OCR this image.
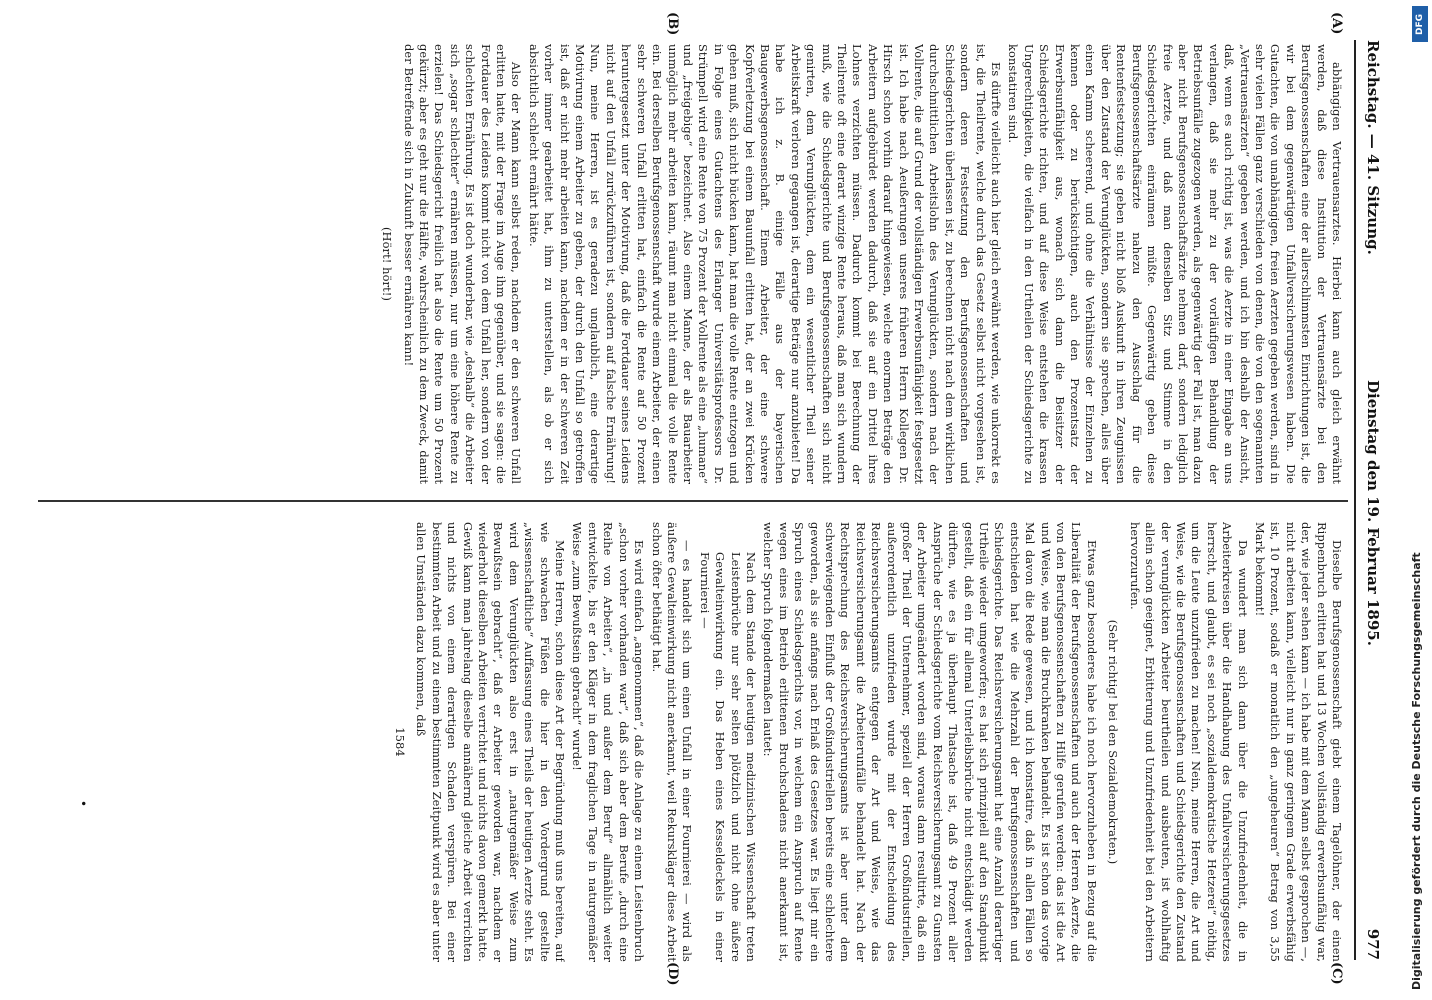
Reichstag. — 41. Sitzung.
Dienstag den 19. Februar 1895.
977
(A)
(B)
(C)
(D)

abhängigen Vertrauensarztes. Hierbei kann auch gleich erwähnt werden, daß diese Institution der Vertrauensärzte bei den Berufsgenossenschaften eine der allerschlimmsten Einrichtungen ist, die wir bei dem gegenwärtigen Unfallversicherungswesen haben. Die Gutachten, die von unabhängigen, freien Aerzten gegeben werden, sind in sehr vielen Fällen ganz verschieden von denen, die von den sogenannten „Vertrauensärzten“ gegeben werden, und ich bin deshalb der Ansicht, daß, wenn es auch richtig ist, was die Aerzte in einer Eingabe an uns verlangen, daß sie mehr zu der vorläufigen Behandlung der Betriebsunfälle zugezogen werden, als gegenwärtig der Fall ist, man dazu aber nicht Berufsgenossenschaftsärzte nehmen darf, sondern lediglich freie Aerzte, und daß man denselben Sitz und Stimme in den Schiedsgerichten einräumen müßte. Gegenwärtig geben diese Berufsgenossenschaftsärzte nahezu den Ausschlag für die Rentenfestsetzung; sie geben nicht bloß Auskunft in ihren Zeugnissen über den Zustand der Verunglückten, sondern sie sprechen, alles über einen Kamm scheerend, und ohne die Verhältnisse der Einzelnen zu kennen oder zu berücksichtigen, auch den Prozentsatz der Erwerbsunfähigkeit aus, wonach sich dann die Beisitzer der Schiedsgerichte richten, und auf diese Weise entstehen die krassen Ungerechtigkeiten, die vielfach in den Urtheilen der Schiedsgerichte zu konstatiren sind.

Es dürfte vielleicht auch hier gleich erwähnt werden, wie unkorrekt es ist, die Theilrente, welche durch das Gesetz selbst nicht vorgesehen ist, sondern deren Festsetzung den Berufsgenossenschaften und Schiedsgerichten überlassen ist, zu berechnen nicht nach dem wirklichen durchschnittlichen Arbeitslohn des Verunglückten, sondern nach der Vollrente, die auf Grund der vollständigen Erwerbsunfähigkeit festgesetzt ist. Ich habe nach Aeußerungen unseres früheren Herrn Kollegen Dr. Hirsch schon vorhin darauf hingewiesen, welche enormen Beträge den Arbeitern aufgebürdet werden dadurch, daß sie auf ein Drittel ihres Lohnes verzichten müssen. Dadurch kommt bei Berechnung der Theilrente oft eine derart winzige Rente heraus, daß man sich wundern muß, wie die Schiedsgerichte und Berufsgenossenschaften sich nicht genirten, dem Verunglückten, dem ein wesentlicher Theil seiner Arbeitskraft verloren gegangen ist, derartige Beträge nur anzubieten! Da habe ich z. B. einige Fälle aus der bayerischen Baugewerbsgenossenschaft. Einem Arbeiter, der eine schwere Kopfverletzung bei einem Bauunfall erlitten hat, der an zwei Krücken gehen muß, sich nicht bücken kann, hat man die volle Rente entzogen und in Folge eines Gutachtens des Erlanger Universitätsprofessors Dr. Strümpell wird eine Rente von 75 Prozent der Vollrente als eine „humane“ und „freigebige“ bezeichnet. Also einem Manne, der als Bauarbeiter unmöglich mehr arbeiten kann, räumt man nicht einmal die volle Rente ein. Bei derselben Berufsgenossenschaft wurde einem Arbeiter, der einen sehr schweren Unfall erlitten hat, einfach die Rente auf 50 Prozent heruntergesetzt unter der Motivirung, daß die Fortdauer seines Leidens nicht auf den Unfall zurückzuführen ist, sondern auf falsche Ernährung! Nun, meine Herren, ist es geradezu unglaublich, eine derartige Motivirung einem Arbeiter zu geben, der durch den Unfall so getroffen ist, daß er nicht mehr arbeiten kann, nachdem er in der schweren Zeit vorher immer gearbeitet hat, ihm zu unterstellen, als ob er sich absichtlich schlecht ernährt hätte.

Also der Mann kann selbst reden, nachdem er den schweren Unfall erlitten hatte, mit der Frage im Auge ihm gegenüber, und sie sagen: die Fortdauer des Leidens kommt nicht von dem Unfall her, sondern von der schlechten Ernährung. Es ist doch wunderbar, wie „deshalb“ die Arbeiter sich „sogar schlechter“ ernähren müssen, nur um eine höhere Rente zu erzielen! Das Schiedsgericht freilich hat also die Rente um 50 Prozent gekürzt; aber es geht nur die Hälfte, wahrscheinlich zu dem Zweck, damit der Betreffende sich in Zukunft besser ernähren kann!

(Hört! hört!)

Dieselbe Berufsgenossenschaft giebt einem Tagelöhner, der einen Rippenbruch erlitten hat und 13 Wochen vollständig erwerbsunfähig war, der, wie jeder sehen kann — ich habe mit dem Mann selbst gesprochen —, nicht arbeiten kann, vielleicht nur in ganz geringem Grade erwerbsfähig ist, 10 Prozent, sodaß er monatlich den „ungeheuren“ Betrag von 3,55 Mark bekommt!

Da wundert man sich dann über die Unzufriedenheit, die in Arbeiterkreisen über die Handhabung des Unfallversicherungsgesetzes herrscht, und glaubt, es sei noch „sozialdemokratische Hetzerei“ nöthig, um die Leute unzufrieden zu machen! Nein, meine Herren, die Art und Weise, wie die Berufsgenossenschaften und Schiedsgerichte den Zustand der verunglückten Arbeiter beurtheilen und ausbeuten, ist wohlhaftig allein schon geeignet, Erbitterung und Unzufriedenheit bei den Arbeitern hervorzurufen.

(Sehr richtig! bei den Sozialdemokraten.)

Etwas ganz besonderes habe ich noch hervorzuheben in Bezug auf die Liberalität der Berufsgenossenschaften und auch der Herren Aerzte, die von den Berufsgenossenschaften zu Hilfe gerufen werden: das ist die Art und Weise, wie man die Bruchkranken behandelt. Es ist schon das vorige Mal davon die Rede gewesen, und ich konstatire, daß in allen Fällen so entschieden hat wie die Mehrzahl der Berufsgenossenschaften und Schiedsgerichte. Das Reichsversicherungsamt hat eine Anzahl derartiger Urtheile wieder umgeworfen; es hat sich prinzipiell auf den Standpunkt gestellt, daß ein für allemal Unterleibsbrüche nicht entschädigt werden dürften, wie es ja überhaupt Thatsache ist, daß 49 Prozent aller Ansprüche der Schiedsgerichte vom Reichsversicherungsamt zu Gunsten der Arbeiter umgeändert worden sind, woraus dann resultirte, daß ein großer Theil der Unternehmer, speziell der Herren Großindustriellen, außerordentlich unzufrieden wurde mit der Entscheidung des Reichsversicherungsamts entgegen der Art und Weise, wie das Reichsversicherungsamt die Arbeiterunfälle behandelt hat. Nach der Rechtsprechung des Reichsversicherungsamts ist aber unter dem schwerwiegenden Einfluß der Großindustriellen bereits eine schlechtere geworden, als sie anfangs nach Erlaß des Gesetzes war. Es liegt mir ein Spruch eines Schiedsgerichts vor, in welchem ein Anspruch auf Rente wegen eines im Betrieb erlittenen Bruchschadens nicht anerkannt ist, welcher Spruch folgendermaßen lautet:

Nach dem Stande der heutigen medizinischen Wissenschaft treten Leistenbrüche nur sehr selten plötzlich und nicht ohne äußere Gewalteinwirkung ein. Das Heben eines Kesseldeckels in einer Fournierei —

— es handelt sich um einen Unfall in einer Fournierei — wird als äußere Gewalteinwirkung nicht anerkannt, weil Rekurskläger diese Arbeit schon öfter bethätigt hat.

Es wird einfach „angenommen“, daß die Anlage zu einem Leistenbruch „schon vorher vorhanden war“, daß sich aber dem Berufe „durch eine Reihe von Arbeiten“, „in und außer dem Beruf“ allmählich weiter entwickelte, bis er den Kläger in dem fraglichen Tage in naturgemäßer Weise „zum Bewußtsein gebracht“ wurde!

Meine Herren, schon diese Art der Begründung muß uns bereiten, auf wie schwachen Füßen die hier in den Vordergrund gestellte „wissenschaftliche“ Auffassung eines Theils der heutigen Aerzte steht. Es wird dem Verunglückten also erst in „naturgemäßer Weise zum Bewußtsein gebracht“, daß er Arbeiter geworden war, nachdem er wiederholt dieselben Arbeiten verrichtet und nichts davon gemerkt hatte. Gewiß kann man jahrelang dieselbe annähernd gleiche Arbeit verrichten und nichts von einem derartigen Schaden verspüren. Bei einer bestimmten Arbeit und zu einem bestimmten Zeitpunkt wird es aber unter allen Umständen dazu kommen, daß

1584

•
DFG
Digitalisierung gefördert durch die Deutsche Forschungsgemeinschaft
